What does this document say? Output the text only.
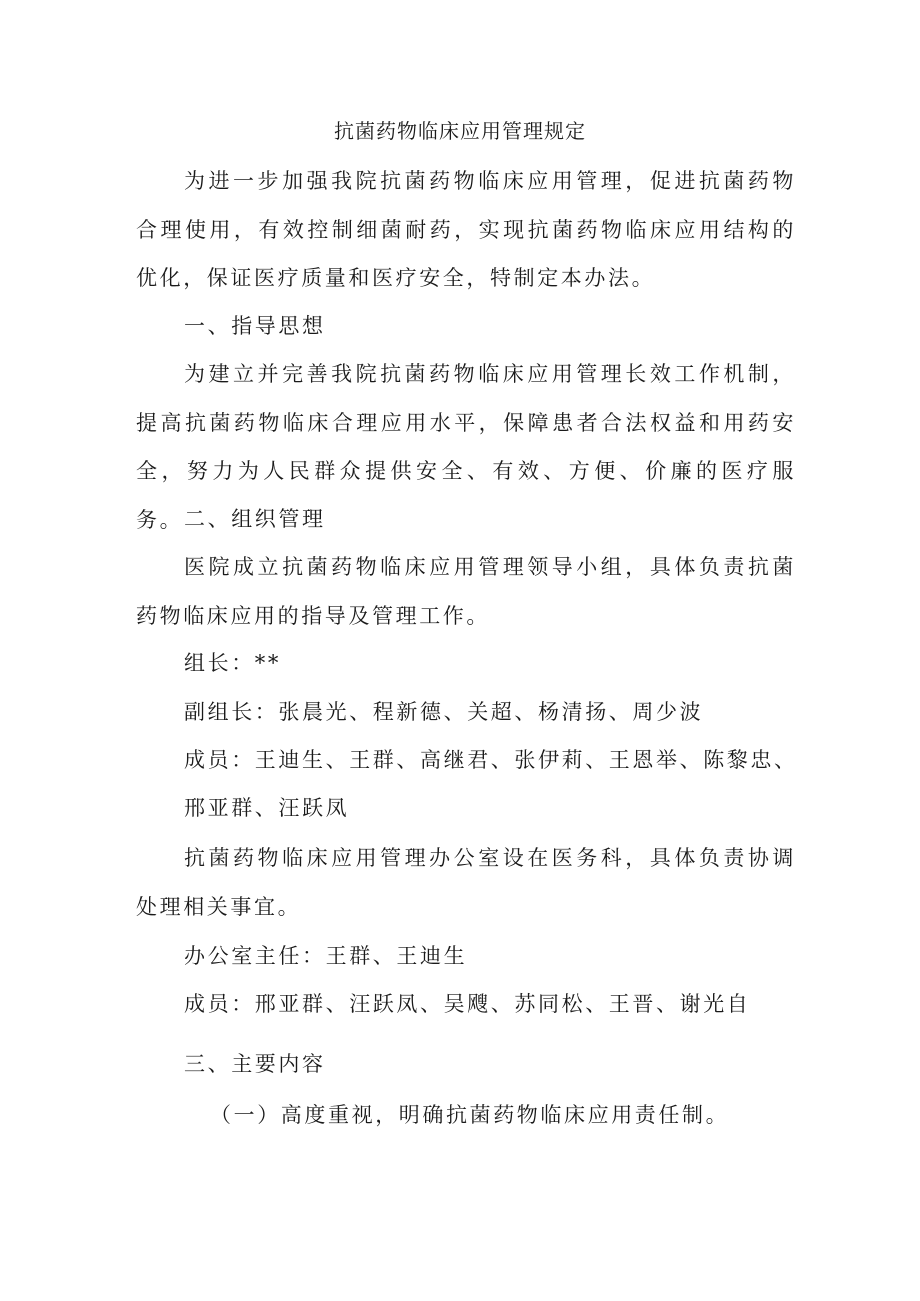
抗菌药物临床应用管理规定

为进一步加强我院抗菌药物临床应用管理，促进抗菌药物合理使用，有效控制细菌耐药，实现抗菌药物临床应用结构的优化，保证医疗质量和医疗安全，特制定本办法。

一、指导思想

为建立并完善我院抗菌药物临床应用管理长效工作机制，提高抗菌药物临床合理应用水平，保障患者合法权益和用药安全，努力为人民群众提供安全、有效、方便、价廉的医疗服务。 二、组织管理

医院成立抗菌药物临床应用管理领导小组，具体负责抗菌药物临床应用的指导及管理工作。

组长：**

副组长：张晨光、程新德、关超、杨清扬、周少波

成员：王迪生、王群、高继君、张伊莉、王恩举、陈黎忠、

邢亚群、汪跃凤

抗菌药物临床应用管理办公室设在医务科，具体负责协调处理相关事宜。

办公室主任：王群、王迪生

成员：邢亚群、汪跃凤、吴飕、苏同松、王晋、谢光自

三、主要内容

（一）高度重视，明确抗菌药物临床应用责任制。
